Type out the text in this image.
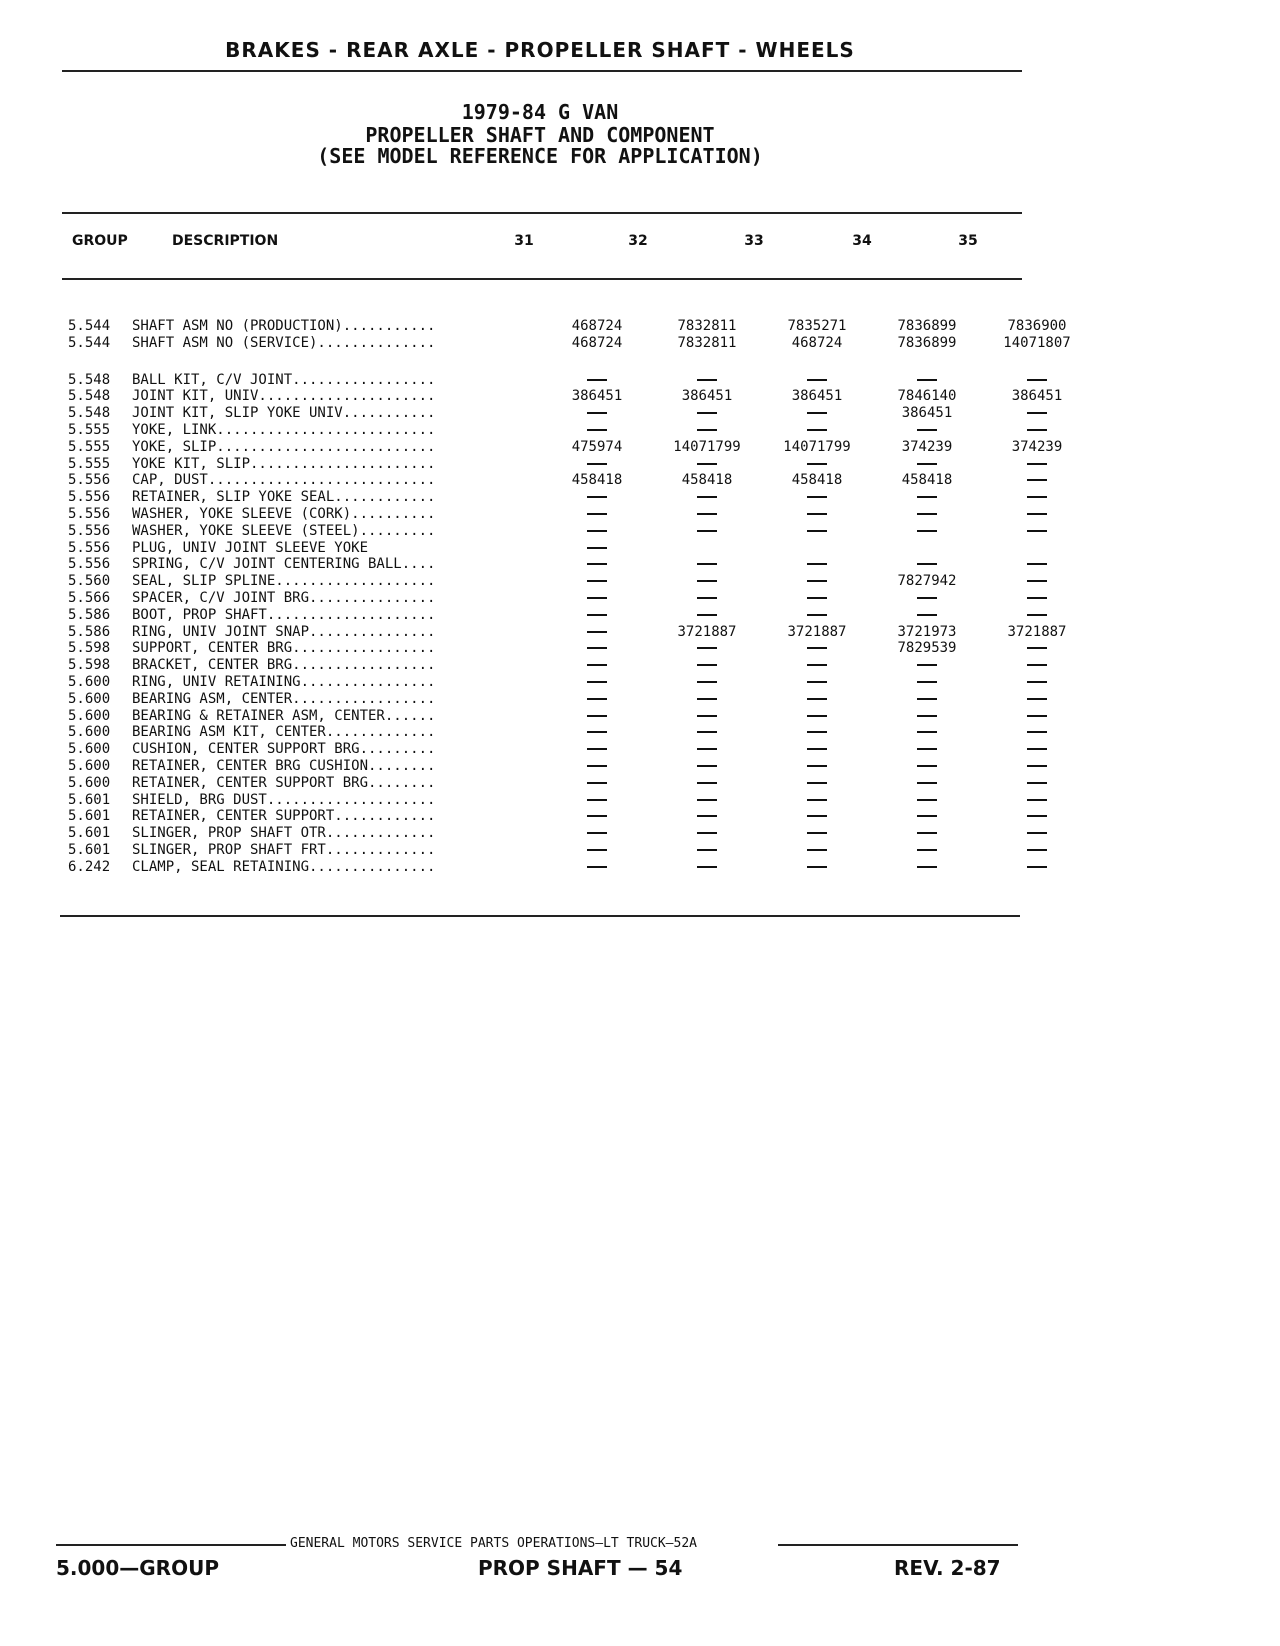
BRAKES - REAR AXLE - PROPELLER SHAFT - WHEELS
1979-84 G VAN
PROPELLER SHAFT AND COMPONENT
(SEE MODEL REFERENCE FOR APPLICATION)
GROUP	DESCRIPTION	31	32	33	34	35
5.544	SHAFT ASM NO (PRODUCTION)...........	468724	7832811	7835271	7836899	7836900
5.544	SHAFT ASM NO (SERVICE)..............	468724	7832811	468724	7836899	14071807

5.548	BALL KIT, C/V JOINT.................					
5.548	JOINT KIT, UNIV.....................	386451	386451	386451	7846140	386451
5.548	JOINT KIT, SLIP YOKE UNIV...........				386451	
5.555	YOKE, LINK..........................					
5.555	YOKE, SLIP..........................	475974	14071799	14071799	374239	374239
5.555	YOKE KIT, SLIP......................					
5.556	CAP, DUST...........................	458418	458418	458418	458418	
5.556	RETAINER, SLIP YOKE SEAL............					
5.556	WASHER, YOKE SLEEVE (CORK)..........					
5.556	WASHER, YOKE SLEEVE (STEEL).........					
5.556	PLUG, UNIV JOINT SLEEVE YOKE					
5.556	SPRING, C/V JOINT CENTERING BALL....					
5.560	SEAL, SLIP SPLINE...................				7827942	
5.566	SPACER, C/V JOINT BRG...............					
5.586	BOOT, PROP SHAFT....................					
5.586	RING, UNIV JOINT SNAP...............		3721887	3721887	3721973	3721887
5.598	SUPPORT, CENTER BRG.................				7829539	
5.598	BRACKET, CENTER BRG.................					
5.600	RING, UNIV RETAINING................					
5.600	BEARING ASM, CENTER.................					
5.600	BEARING & RETAINER ASM, CENTER......					
5.600	BEARING ASM KIT, CENTER.............					
5.600	CUSHION, CENTER SUPPORT BRG.........					
5.600	RETAINER, CENTER BRG CUSHION........					
5.600	RETAINER, CENTER SUPPORT BRG........					
5.601	SHIELD, BRG DUST....................					
5.601	RETAINER, CENTER SUPPORT............					
5.601	SLINGER, PROP SHAFT OTR.............					
5.601	SLINGER, PROP SHAFT FRT.............					
6.242	CLAMP, SEAL RETAINING...............					
GENERAL MOTORS SERVICE PARTS OPERATIONS—LT TRUCK—52A
5.000—GROUP	PROP SHAFT — 54	REV. 2-87
